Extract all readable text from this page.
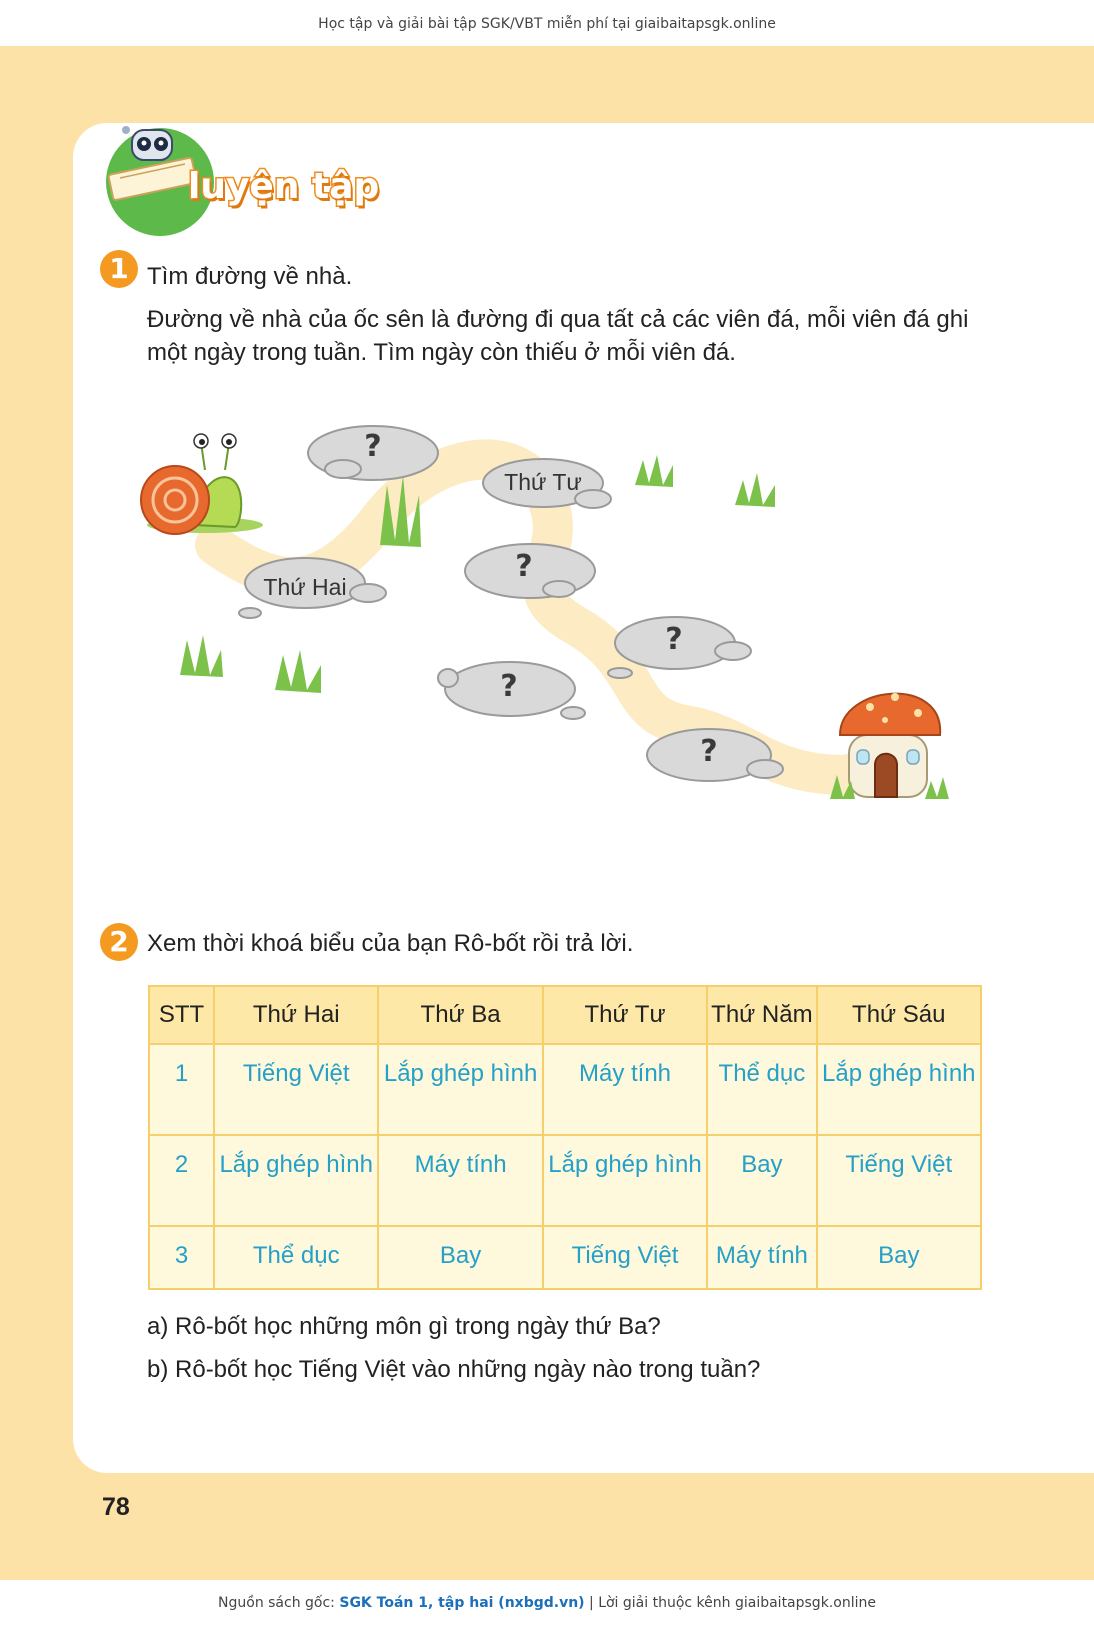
Học tập và giải bài tập SGK/VBT miễn phí tại giaibaitapsgk.online
luyện tập
1 Tìm đường về nhà.
Đường về nhà của ốc sên là đường đi qua tất cả các viên đá, mỗi viên đá ghi một ngày trong tuần. Tìm ngày còn thiếu ở mỗi viên đá.
?
Thứ Tư
Thứ Hai
?
?
?
?
2 Xem thời khoá biểu của bạn Rô-bốt rồi trả lời.
STT	Thứ Hai	Thứ Ba	Thứ Tư	Thứ Năm	Thứ Sáu
1	Tiếng Việt	Lắp ghép hình	Máy tính	Thể dục	Lắp ghép hình
2	Lắp ghép hình	Máy tính	Lắp ghép hình	Bay	Tiếng Việt
3	Thể dục	Bay	Tiếng Việt	Máy tính	Bay
a) Rô-bốt học những môn gì trong ngày thứ Ba?
b) Rô-bốt học Tiếng Việt vào những ngày nào trong tuần?
78
Nguồn sách gốc: SGK Toán 1, tập hai (nxbgd.vn) | Lời giải thuộc kênh giaibaitapsgk.online
